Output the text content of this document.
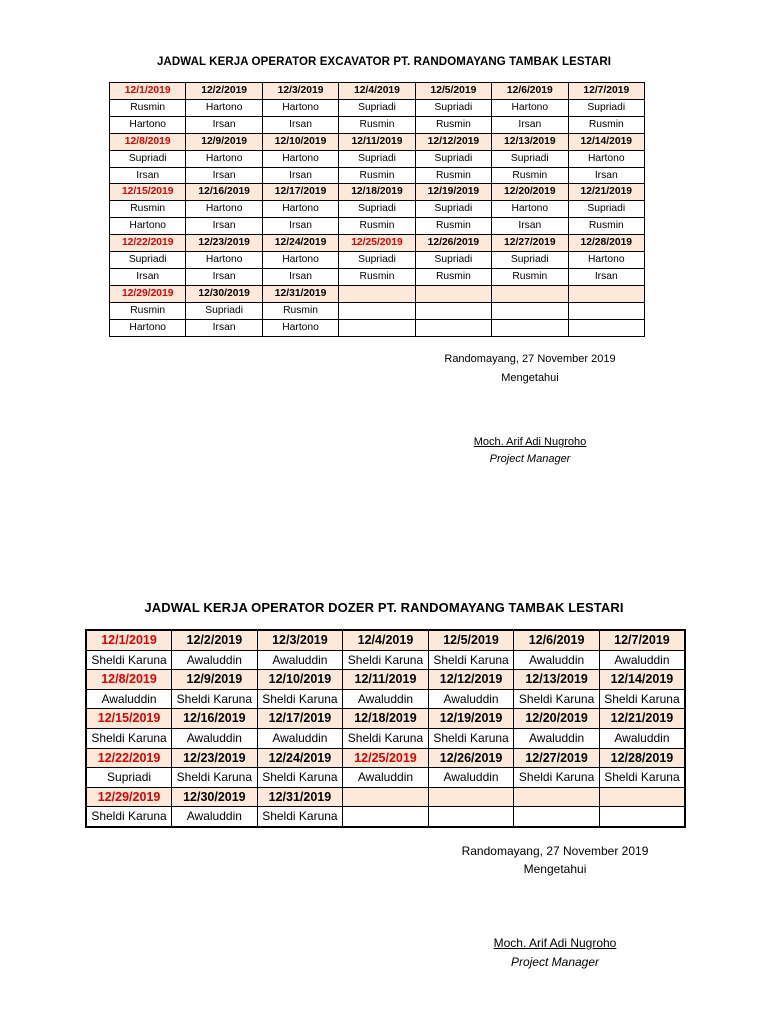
JADWAL KERJA OPERATOR EXCAVATOR PT. RANDOMAYANG TAMBAK LESTARI
12/1/2019	12/2/2019	12/3/2019	12/4/2019	12/5/2019	12/6/2019	12/7/2019
Rusmin	Hartono	Hartono	Supriadi	Supriadi	Hartono	Supriadi
Hartono	Irsan	Irsan	Rusmin	Rusmin	Irsan	Rusmin
12/8/2019	12/9/2019	12/10/2019	12/11/2019	12/12/2019	12/13/2019	12/14/2019
Supriadi	Hartono	Hartono	Supriadi	Supriadi	Supriadi	Hartono
Irsan	Irsan	Irsan	Rusmin	Rusmin	Rusmin	Irsan
12/15/2019	12/16/2019	12/17/2019	12/18/2019	12/19/2019	12/20/2019	12/21/2019
Rusmin	Hartono	Hartono	Supriadi	Supriadi	Hartono	Supriadi
Hartono	Irsan	Irsan	Rusmin	Rusmin	Irsan	Rusmin
12/22/2019	12/23/2019	12/24/2019	12/25/2019	12/26/2019	12/27/2019	12/28/2019
Supriadi	Hartono	Hartono	Supriadi	Supriadi	Supriadi	Hartono
Irsan	Irsan	Irsan	Rusmin	Rusmin	Rusmin	Irsan
12/29/2019	12/30/2019	12/31/2019				
Rusmin	Supriadi	Rusmin				
Hartono	Irsan	Hartono				
Randomayang, 27 November 2019
Mengetahui
Moch. Arif Adi Nugroho
Project Manager
JADWAL KERJA OPERATOR DOZER PT. RANDOMAYANG TAMBAK LESTARI
12/1/2019	12/2/2019	12/3/2019	12/4/2019	12/5/2019	12/6/2019	12/7/2019
Sheldi Karuna	Awaluddin	Awaluddin	Sheldi Karuna	Sheldi Karuna	Awaluddin	Awaluddin
12/8/2019	12/9/2019	12/10/2019	12/11/2019	12/12/2019	12/13/2019	12/14/2019
Awaluddin	Sheldi Karuna	Sheldi Karuna	Awaluddin	Awaluddin	Sheldi Karuna	Sheldi Karuna
12/15/2019	12/16/2019	12/17/2019	12/18/2019	12/19/2019	12/20/2019	12/21/2019
Sheldi Karuna	Awaluddin	Awaluddin	Sheldi Karuna	Sheldi Karuna	Awaluddin	Awaluddin
12/22/2019	12/23/2019	12/24/2019	12/25/2019	12/26/2019	12/27/2019	12/28/2019
Supriadi	Sheldi Karuna	Sheldi Karuna	Awaluddin	Awaluddin	Sheldi Karuna	Sheldi Karuna
12/29/2019	12/30/2019	12/31/2019				
Sheldi Karuna	Awaluddin	Sheldi Karuna				
Randomayang, 27 November 2019
Mengetahui
Moch. Arif Adi Nugroho
Project Manager
